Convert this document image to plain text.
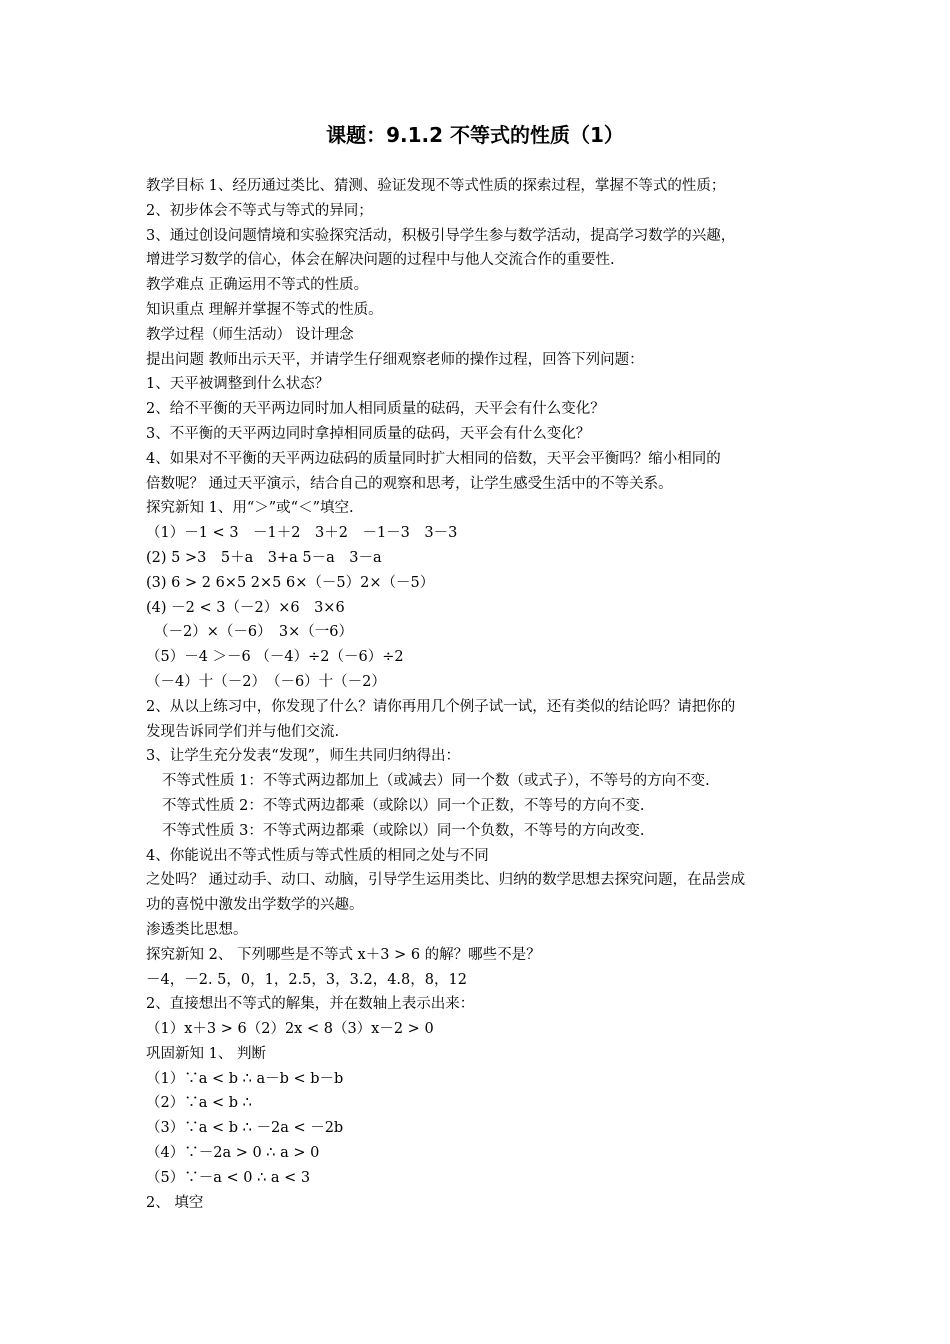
课题：9.1.2 不等式的性质（1）
教学目标 1、经历通过类比、猜测、验证发现不等式性质的探索过程，掌握不等式的性质；
2、初步体会不等式与等式的异同；
3、通过创设问题情境和实验探究活动，积极引导学生参与数学活动，提高学习数学的兴趣，
增进学习数学的信心，体会在解决问题的过程中与他人交流合作的重要性.
教学难点 正确运用不等式的性质。
知识重点 理解并掌握不等式的性质。
教学过程（师生活动） 设计理念
提出问题 教师出示天平，并请学生仔细观察老师的操作过程，回答下列问题：
1、天平被调整到什么状态？
2、给不平衡的天平两边同时加人相同质量的砝码，天平会有什么变化？
3、不平衡的天平两边同时拿掉相同质量的砝码，天平会有什么变化？
4、如果对不平衡的天平两边砝码的质量同时扩大相同的倍数，天平会平衡吗？缩小相同的
倍数呢？ 通过天平演示，结合自己的观察和思考，让学生感受生活中的不等关系。
探究新知 1、用“＞”或“＜”填空.
（1）－1 < 3　－1＋2　3＋2　－1－3　3－3
(2) 5 >3　5＋a　3+a 5－a　3－a
(3) 6 > 2 6×5 2×5 6×（－5）2×（－5）
(4) －2 < 3（－2）×6　3×6
（－2）×（－6）　3×（一6）
（5）－4 ＞－6 （－4）÷2（－6）÷2
（－4）十（－2）　（－6）十（－2）
2、从以上练习中，你发现了什么？请你再用几个例子试一试，还有类似的结论吗？请把你的
发现告诉同学们并与他们交流.
3、让学生充分发表“发现”，师生共同归纳得出：
不等式性质 1：不等式两边都加上（或减去）同一个数（或式子），不等号的方向不变.
不等式性质 2：不等式两边都乘（或除以）同一个正数，不等号的方向不变.
不等式性质 3：不等式两边都乘（或除以）同一个负数，不等号的方向改变.
4、你能说出不等式性质与等式性质的相同之处与不同
之处吗？ 通过动手、动口、动脑，引导学生运用类比、归纳的数学思想去探究问题，在品尝成
功的喜悦中激发出学数学的兴趣。
渗透类比思想。
探究新知 2、 下列哪些是不等式 x＋3 > 6 的解？哪些不是？
－4，－2. 5，0，1，2.5，3，3.2，4.8，8，12
2、直接想出不等式的解集，并在数轴上表示出来：
（1）x＋3 > 6（2）2x < 8（3）x－2 > 0
巩固新知 1、 判断
（1）∵a < b ∴ a－b < b－b
（2）∵a < b ∴
（3）∵a < b ∴ －2a < －2b
（4）∵－2a > 0 ∴ a > 0
（5）∵－a < 0 ∴ a < 3
2、 填空
